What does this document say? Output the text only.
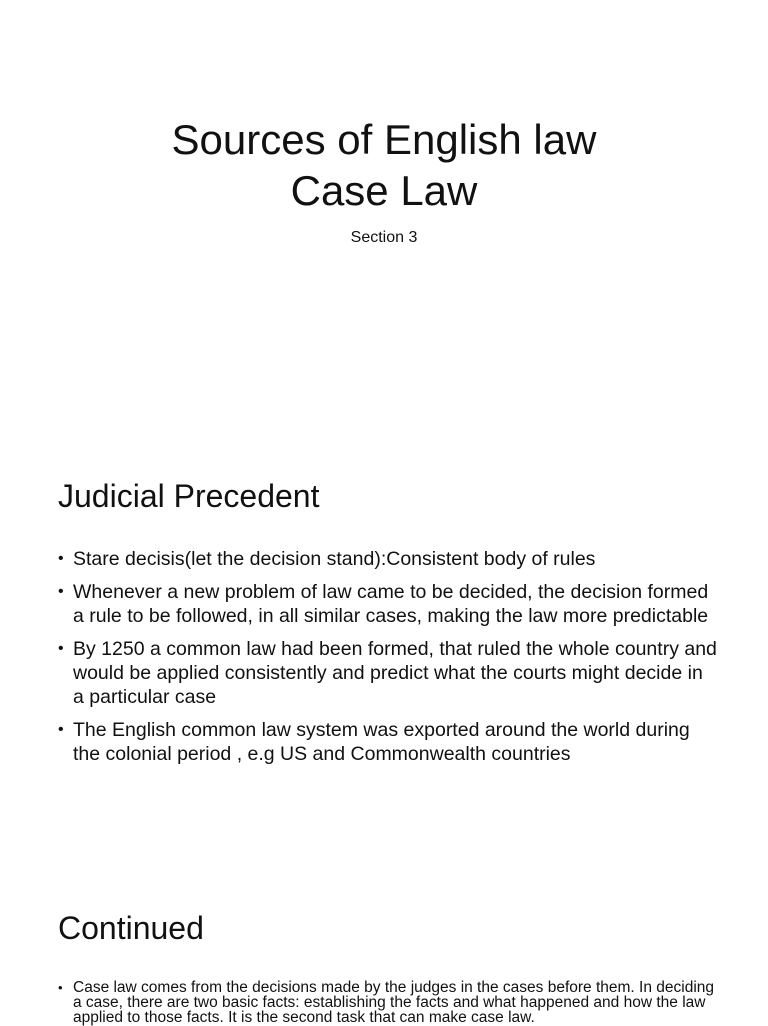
Sources of English law
Case Law
Section 3
Judicial Precedent
• Stare decisis(let the decision stand):Consistent body of rules
• Whenever a new problem of law came to be decided, the decision formed a rule to be followed, in all similar cases, making the law more predictable
• By 1250 a common law had been formed, that ruled the whole country and would be applied consistently and predict what the courts might decide in a particular case
• The English common law system was exported around the world during the colonial period , e.g US and Commonwealth countries
Continued
• Case law comes from the decisions made by the judges in the cases before them. In deciding a case, there are two basic facts: establishing the facts and what happened and how the law applied to those facts. It is the second task that can make case law.
